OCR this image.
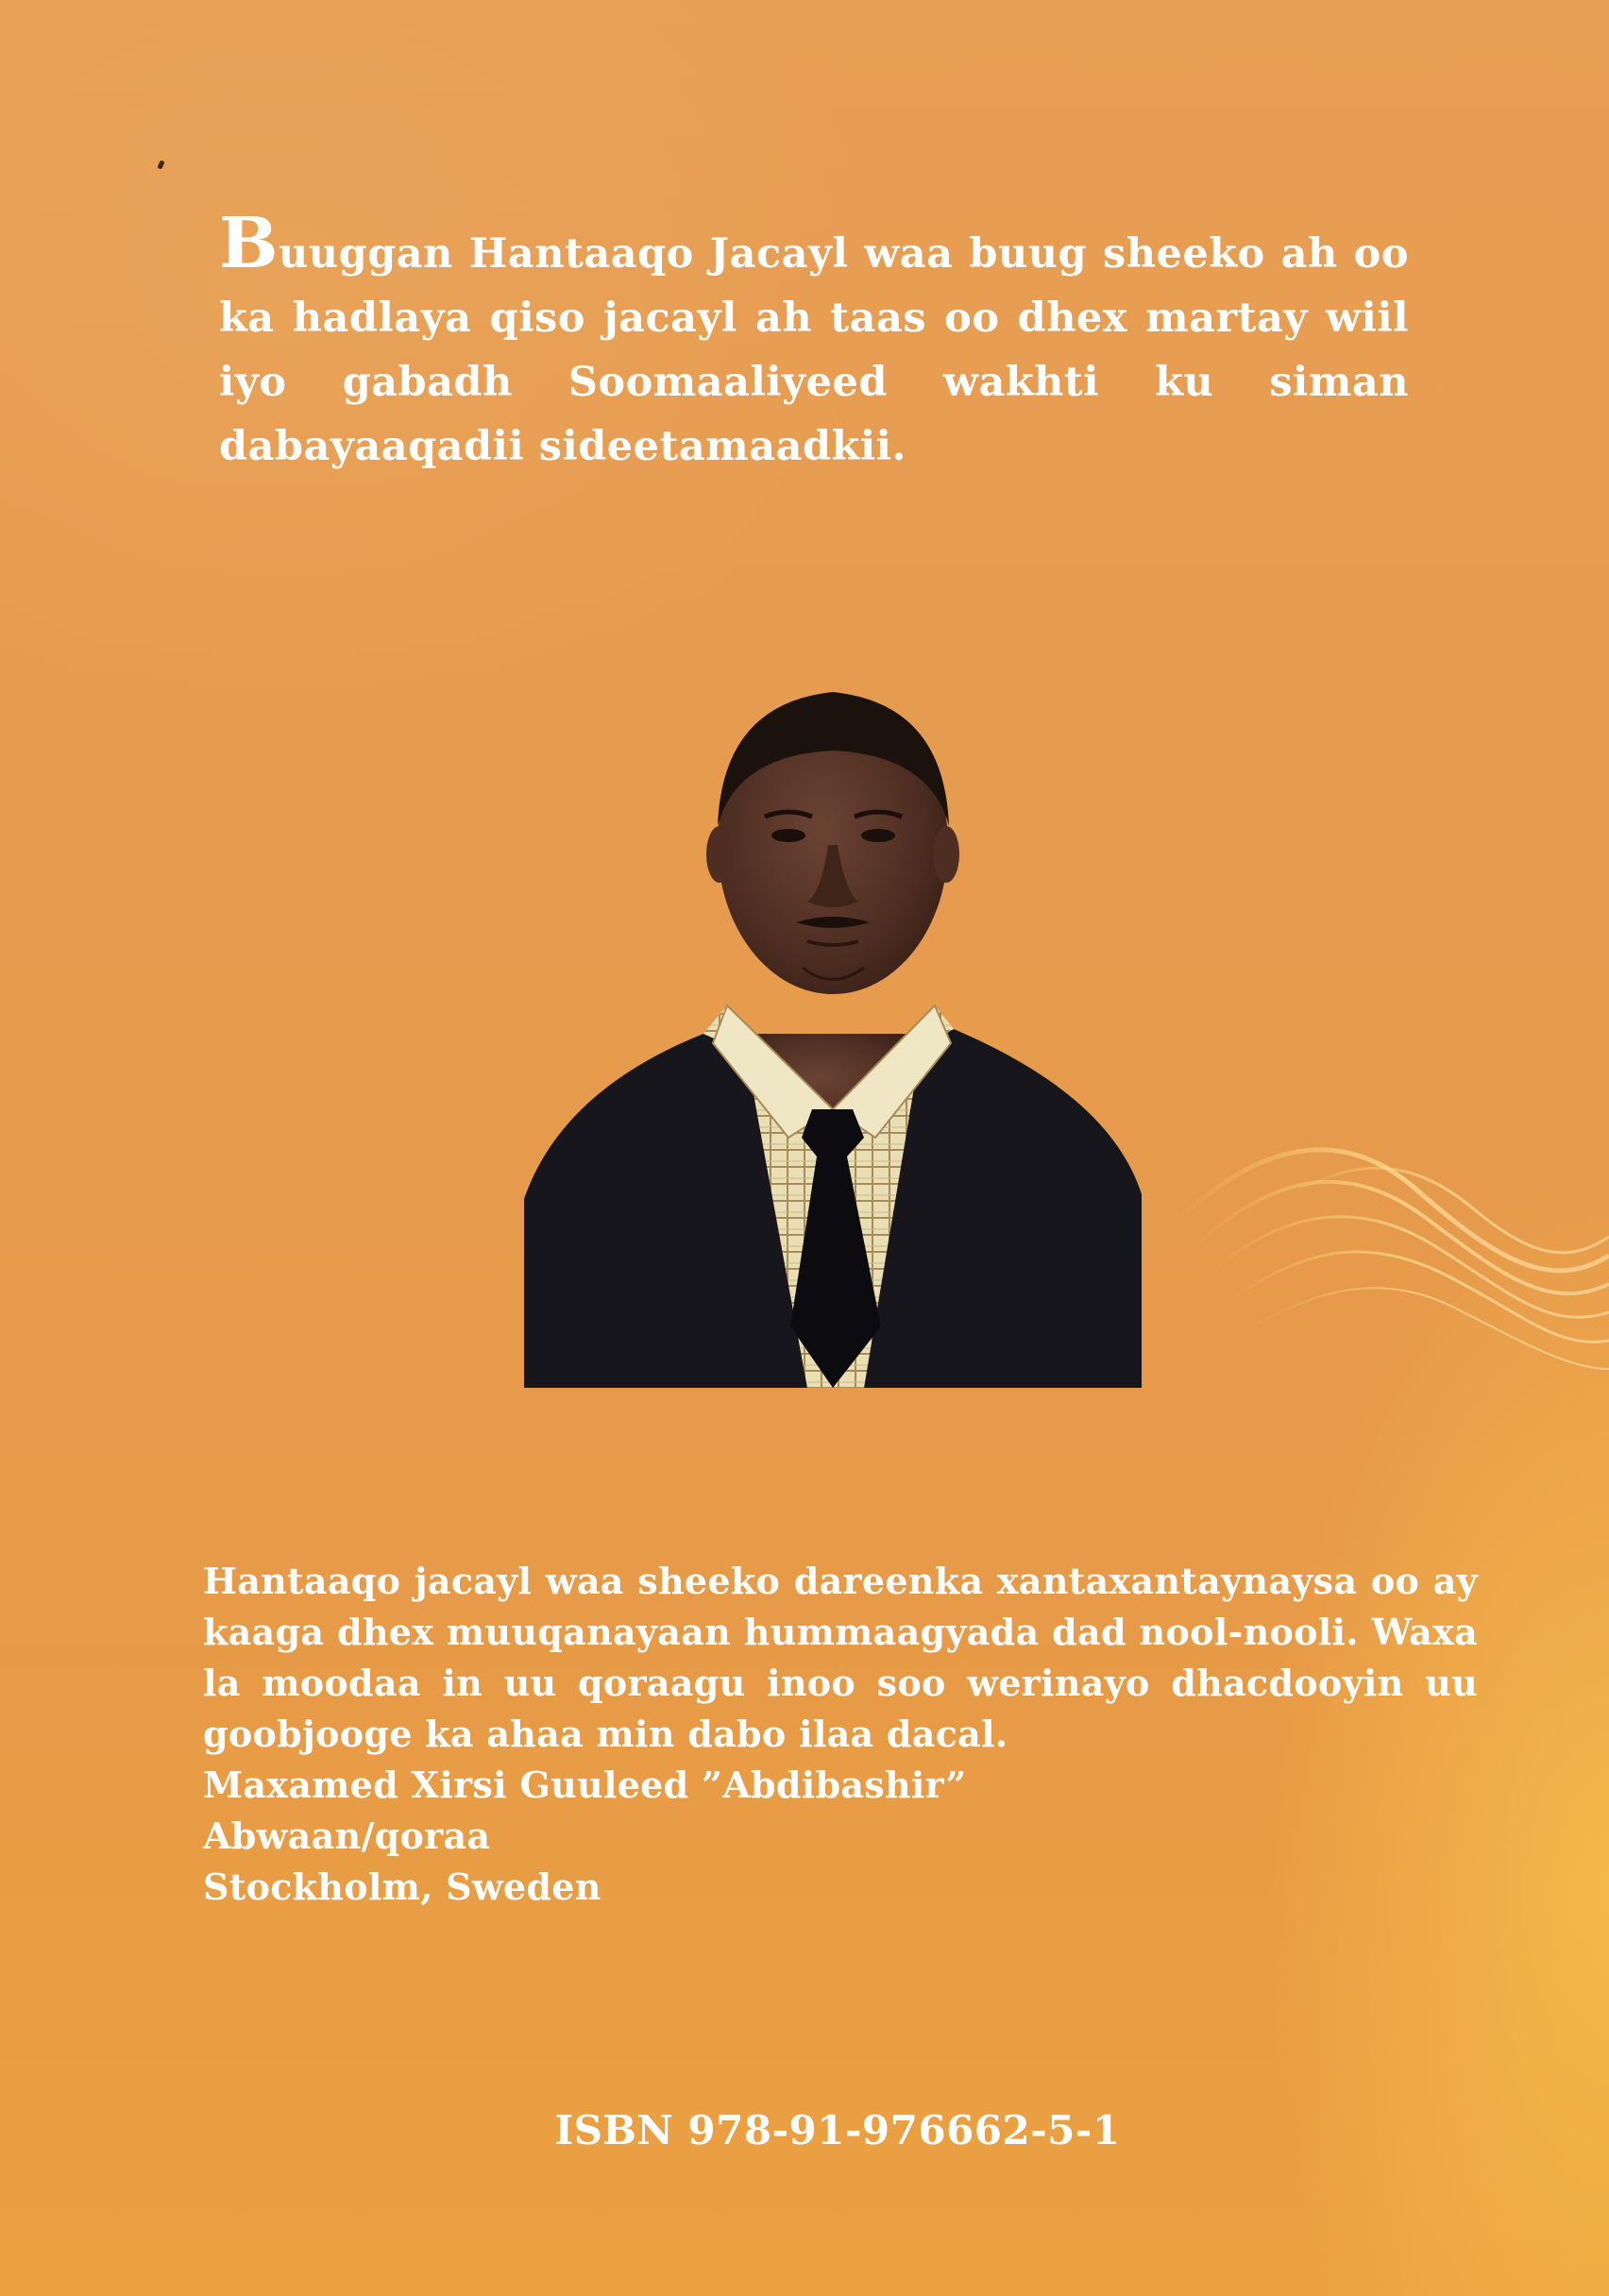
Buuggan Hantaaqo Jacayl waa buug sheeko ah oo ka hadlaya qiso jacayl ah taas oo dhex martay wiil iyo gabadh Soomaaliyeed wakhti ku siman dabayaaqadii sideetamaadkii.

Hantaaqo jacayl waa sheeko dareenka xantaxantaynaysa oo ay kaaga dhex muuqanayaan hummaagyada dad nool-nooli. Waxa la moodaa in uu qoraagu inoo soo werinayo dhacdooyin uu goobjooge ka ahaa min dabo ilaa dacal.

Maxamed Xirsi Guuleed ”Abdibashir”
Abwaan/qoraa
Stockholm, Sweden
ISBN 978-91-976662-5-1
